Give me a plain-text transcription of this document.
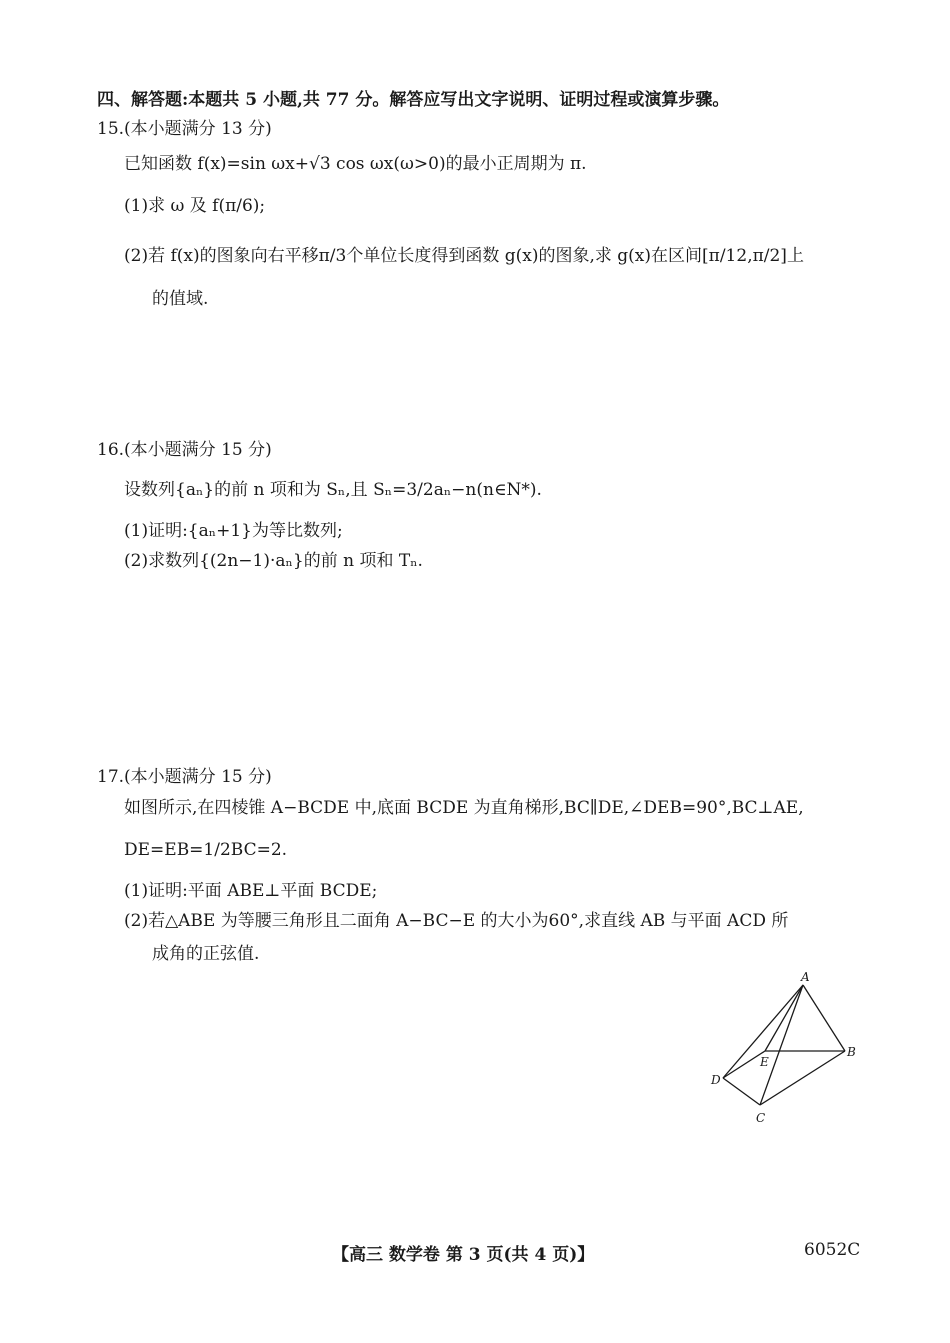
四、解答题:本题共 5 小题,共 77 分。解答应写出文字说明、证明过程或演算步骤。
15.(本小题满分 13 分)
已知函数 f(x)=sin ωx+√3 cos ωx(ω>0)的最小正周期为 π.
(1)求 ω 及 f(π/6);
(2)若 f(x)的图象向右平移π/3个单位长度得到函数 g(x)的图象,求 g(x)在区间[π/12,π/2]上
的值域.
16.(本小题满分 15 分)
设数列{aₙ}的前 n 项和为 Sₙ,且 Sₙ=3/2aₙ−n(n∈N*).
(1)证明:{aₙ+1}为等比数列;
(2)求数列{(2n−1)·aₙ}的前 n 项和 Tₙ.
17.(本小题满分 15 分)
如图所示,在四棱锥 A−BCDE 中,底面 BCDE 为直角梯形,BC∥DE,∠DEB=90°,BC⊥AE,
DE=EB=1/2BC=2.
(1)证明:平面 ABE⊥平面 BCDE;
(2)若△ABE 为等腰三角形且二面角 A−BC−E 的大小为60°,求直线 AB 与平面 ACD 所
成角的正弦值.
A
B
C
D
E
【高三 数学卷 第 3 页(共 4 页)】	6052C
